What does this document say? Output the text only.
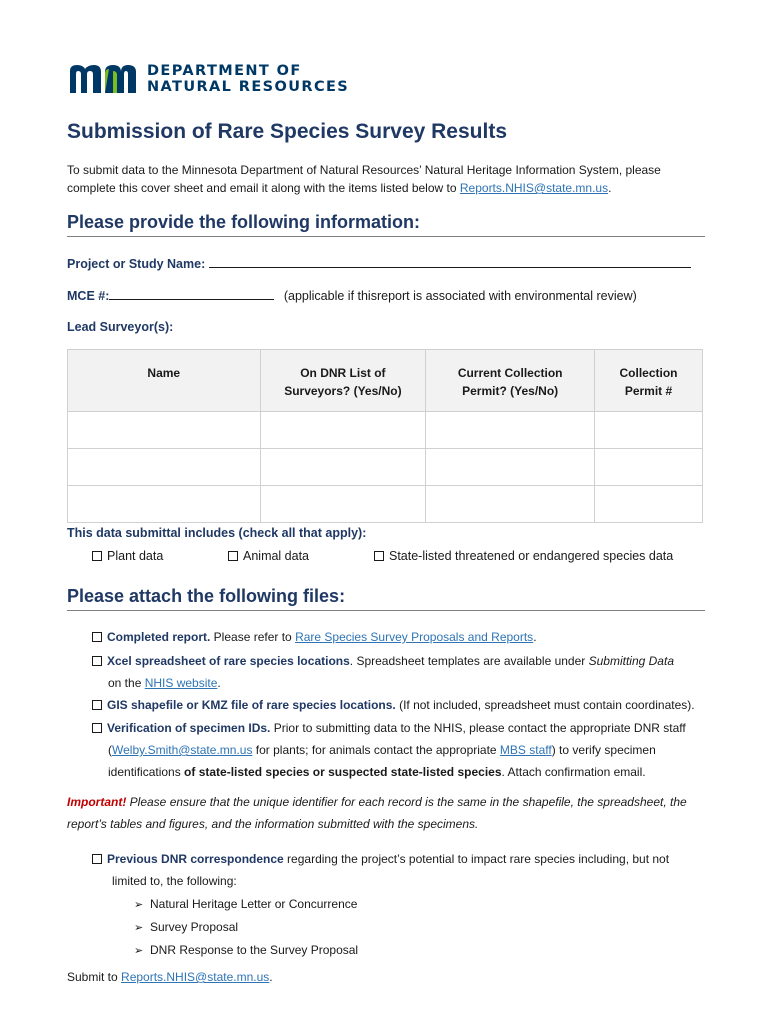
DEPARTMENT OF
NATURAL RESOURCES
Submission of Rare Species Survey Results
To submit data to the Minnesota Department of Natural Resources’ Natural Heritage Information System, please complete this cover sheet and email it along with the items listed below to Reports.NHIS@state.mn.us.
Please provide the following information:
Project or Study Name:
MCE #:	(applicable if thisreport is associated with environmental review)
Lead Surveyor(s):
Name	On DNR List of Surveyors? (Yes/No)	Current Collection Permit? (Yes/No)	Collection Permit #

This data submittal includes (check all that apply):
Plant data	Animal data	State-listed threatened or endangered species data
Please attach the following files:
Completed report. Please refer to Rare Species Survey Proposals and Reports.
Xcel spreadsheet of rare species locations. Spreadsheet templates are available under Submitting Data
on the NHIS website.
GIS shapefile or KMZ file of rare species locations. (If not included, spreadsheet must contain coordinates).
Verification of specimen IDs. Prior to submitting data to the NHIS, please contact the appropriate DNR staff
(Welby.Smith@state.mn.us for plants; for animals contact the appropriate MBS staff) to verify specimen
identifications of state-listed species or suspected state-listed species. Attach confirmation email.
Important! Please ensure that the unique identifier for each record is the same in the shapefile, the spreadsheet, the report’s tables and figures, and the information submitted with the specimens.
Previous DNR correspondence regarding the project’s potential to impact rare species including, but not
limited to, the following:
➢ Natural Heritage Letter or Concurrence
➢ Survey Proposal
➢ DNR Response to the Survey Proposal
Submit to Reports.NHIS@state.mn.us.
